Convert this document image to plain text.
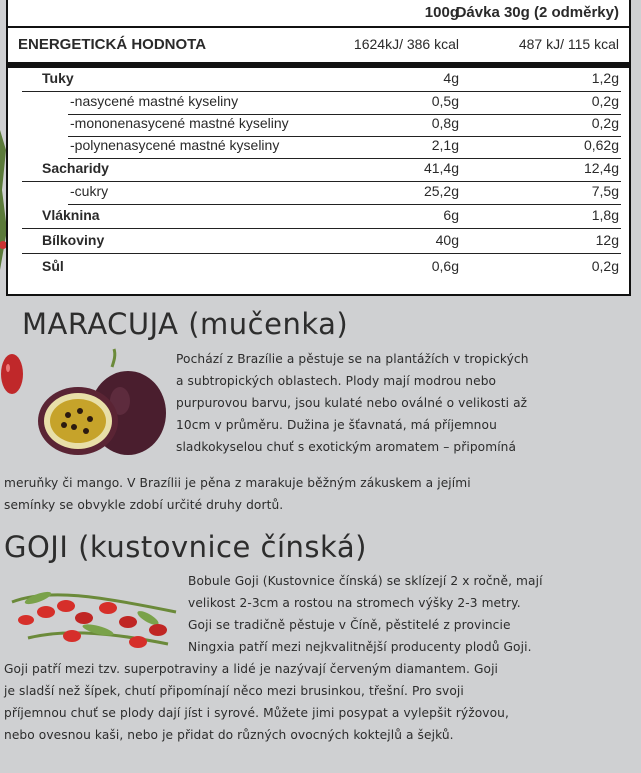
100g
Dávka 30g (2 odměrky)
ENERGETICKÁ HODNOTA	1624kJ/ 386 kcal	487 kJ/ 115 kcal
Tuky	4g	1,2g
-nasycené mastné kyseliny	0,5g	0,2g
-mononenasycené mastné kyseliny	0,8g	0,2g
-polynenasycené mastné kyseliny	2,1g	0,62g
Sacharidy	41,4g	12,4g
-cukry	25,2g	7,5g
Vláknina	6g	1,8g
Bílkoviny	40g	12g
Sůl	0,6g	0,2g
MARACUJA (mučenka)
Pochází z Brazílie a pěstuje se na plantážích v tropických
a subtropických oblastech. Plody mají modrou nebo
purpurovou barvu, jsou kulaté nebo oválné o velikosti až
10cm v průměru. Dužina je šťavnatá, má příjemnou
sladkokyselou chuť s exotickým aromatem – připomíná
meruňky či mango. V Brazílii je pěna z marakuje běžným zákuskem a jejími
semínky se obvykle zdobí určité druhy dortů.
GOJI (kustovnice čínská)
Bobule Goji (Kustovnice čínská) se sklízejí 2 x ročně, mají
velikost 2-3cm a rostou na stromech výšky 2-3 metry.
Goji se tradičně pěstuje v Číně, pěstitelé z provincie
Ningxia patří mezi nejkvalitnější producenty plodů Goji.
Goji patří mezi tzv. superpotraviny a lidé je nazývají červeným diamantem. Goji
je sladší než šípek, chutí připomínají něco mezi brusinkou, třešní. Pro svoji
příjemnou chuť se plody dají jíst i syrové. Můžete jimi posypat a vylepšit rýžovou,
nebo ovesnou kaši, nebo je přidat do různých ovocných koktejlů a šejků.
